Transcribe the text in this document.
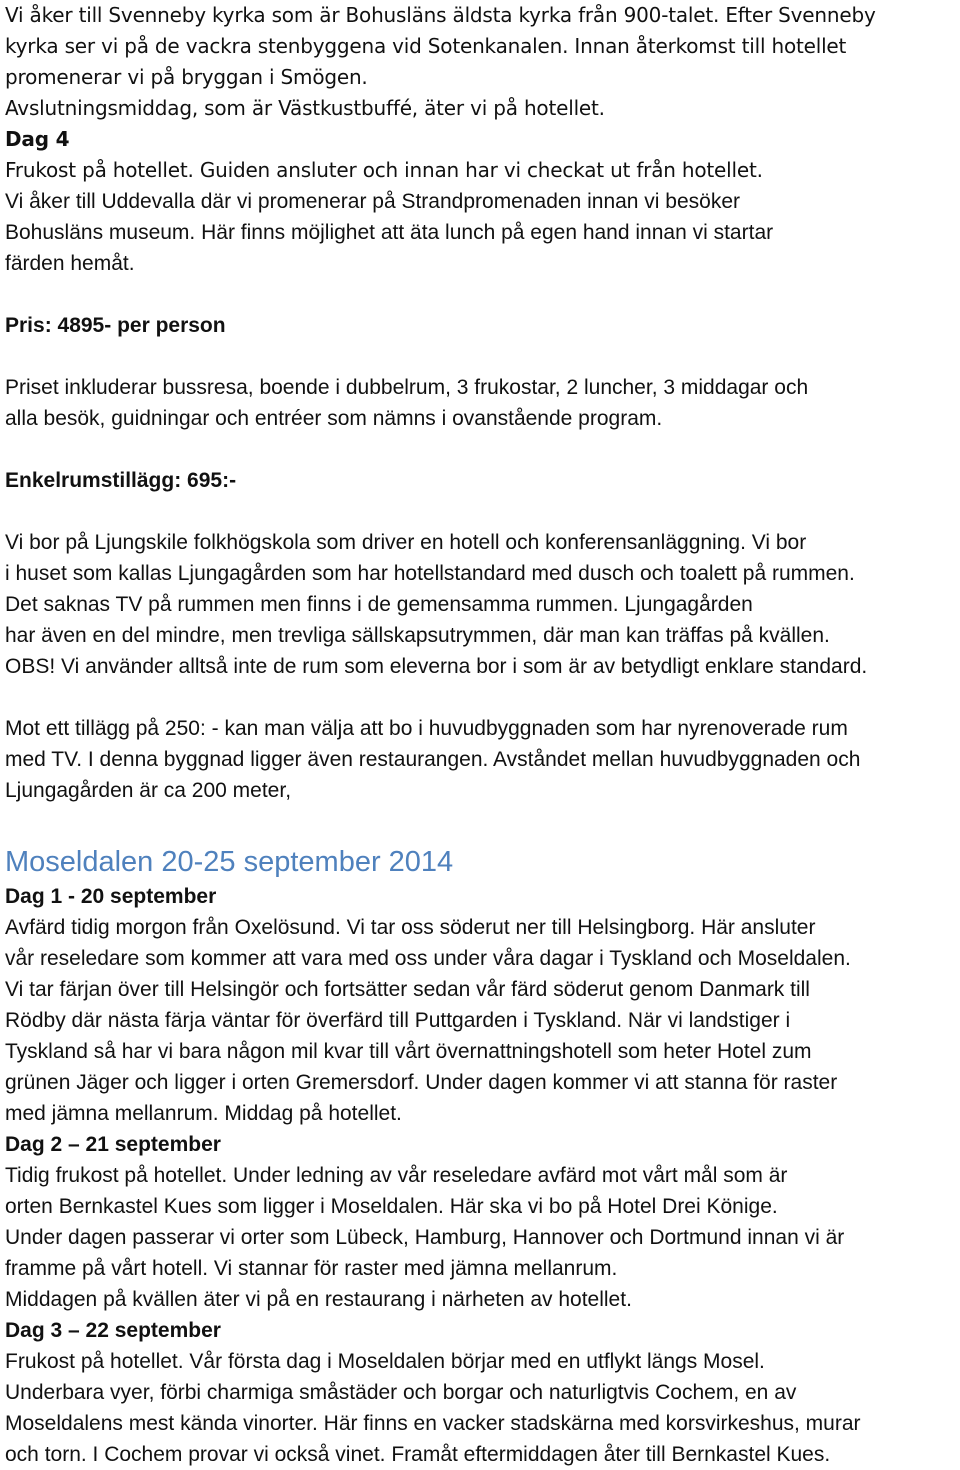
Vi åker till Svenneby kyrka som är Bohusläns äldsta kyrka från 900-talet. Efter Svenneby
kyrka ser vi på de vackra stenbyggena vid Sotenkanalen. Innan återkomst till hotellet
promenerar vi på bryggan i Smögen.
Avslutningsmiddag, som är Västkustbuffé, äter vi på hotellet.
Dag 4
Frukost på hotellet. Guiden ansluter och innan har vi checkat ut från hotellet.
Vi åker till Uddevalla där vi promenerar på Strandpromenaden innan vi besöker
Bohusläns museum. Här finns möjlighet att äta lunch på egen hand innan vi startar
färden hemåt.
Pris: 4895- per person
Priset inkluderar bussresa, boende i dubbelrum, 3 frukostar, 2 luncher, 3 middagar och
alla besök, guidningar och entréer som nämns i ovanstående program.
Enkelrumstillägg: 695:-
Vi bor på Ljungskile folkhögskola som driver en hotell och konferensanläggning. Vi bor
i huset som kallas Ljungagården som har hotellstandard med dusch och toalett på rummen.
Det saknas TV på rummen men finns i de gemensamma rummen. Ljungagården
har även en del mindre, men trevliga sällskapsutrymmen, där man kan träffas på kvällen.
OBS! Vi använder alltså inte de rum som eleverna bor i som är av betydligt enklare standard.
Mot ett tillägg på 250: - kan man välja att bo i huvudbyggnaden som har nyrenoverade rum
med TV. I denna byggnad ligger även restaurangen. Avståndet mellan huvudbyggnaden och
Ljungagården är ca 200 meter,
Moseldalen 20-25 september 2014
Dag 1 - 20 september
Avfärd tidig morgon från Oxelösund. Vi tar oss söderut ner till Helsingborg. Här ansluter
vår reseledare som kommer att vara med oss under våra dagar i Tyskland och Moseldalen.
Vi tar färjan över till Helsingör och fortsätter sedan vår färd söderut genom Danmark till
Rödby där nästa färja väntar för överfärd till Puttgarden i Tyskland. När vi landstiger i
Tyskland så har vi bara någon mil kvar till vårt övernattningshotell som heter Hotel zum
grünen Jäger och ligger i orten Gremersdorf. Under dagen kommer vi att stanna för raster
med jämna mellanrum. Middag på hotellet.
Dag 2 – 21 september
Tidig frukost på hotellet. Under ledning av vår reseledare avfärd mot vårt mål som är
orten Bernkastel Kues som ligger i Moseldalen. Här ska vi bo på Hotel Drei Könige.
Under dagen passerar vi orter som Lübeck, Hamburg, Hannover och Dortmund innan vi är
framme på vårt hotell. Vi stannar för raster med jämna mellanrum.
Middagen på kvällen äter vi på en restaurang i närheten av hotellet.
Dag 3 – 22 september
Frukost på hotellet. Vår första dag i Moseldalen börjar med en utflykt längs Mosel.
Underbara vyer, förbi charmiga småstäder och borgar och naturligtvis Cochem, en av
Moseldalens mest kända vinorter. Här finns en vacker stadskärna med korsvirkeshus, murar
och torn. I Cochem provar vi också vinet. Framåt eftermiddagen åter till Bernkastel Kues.
